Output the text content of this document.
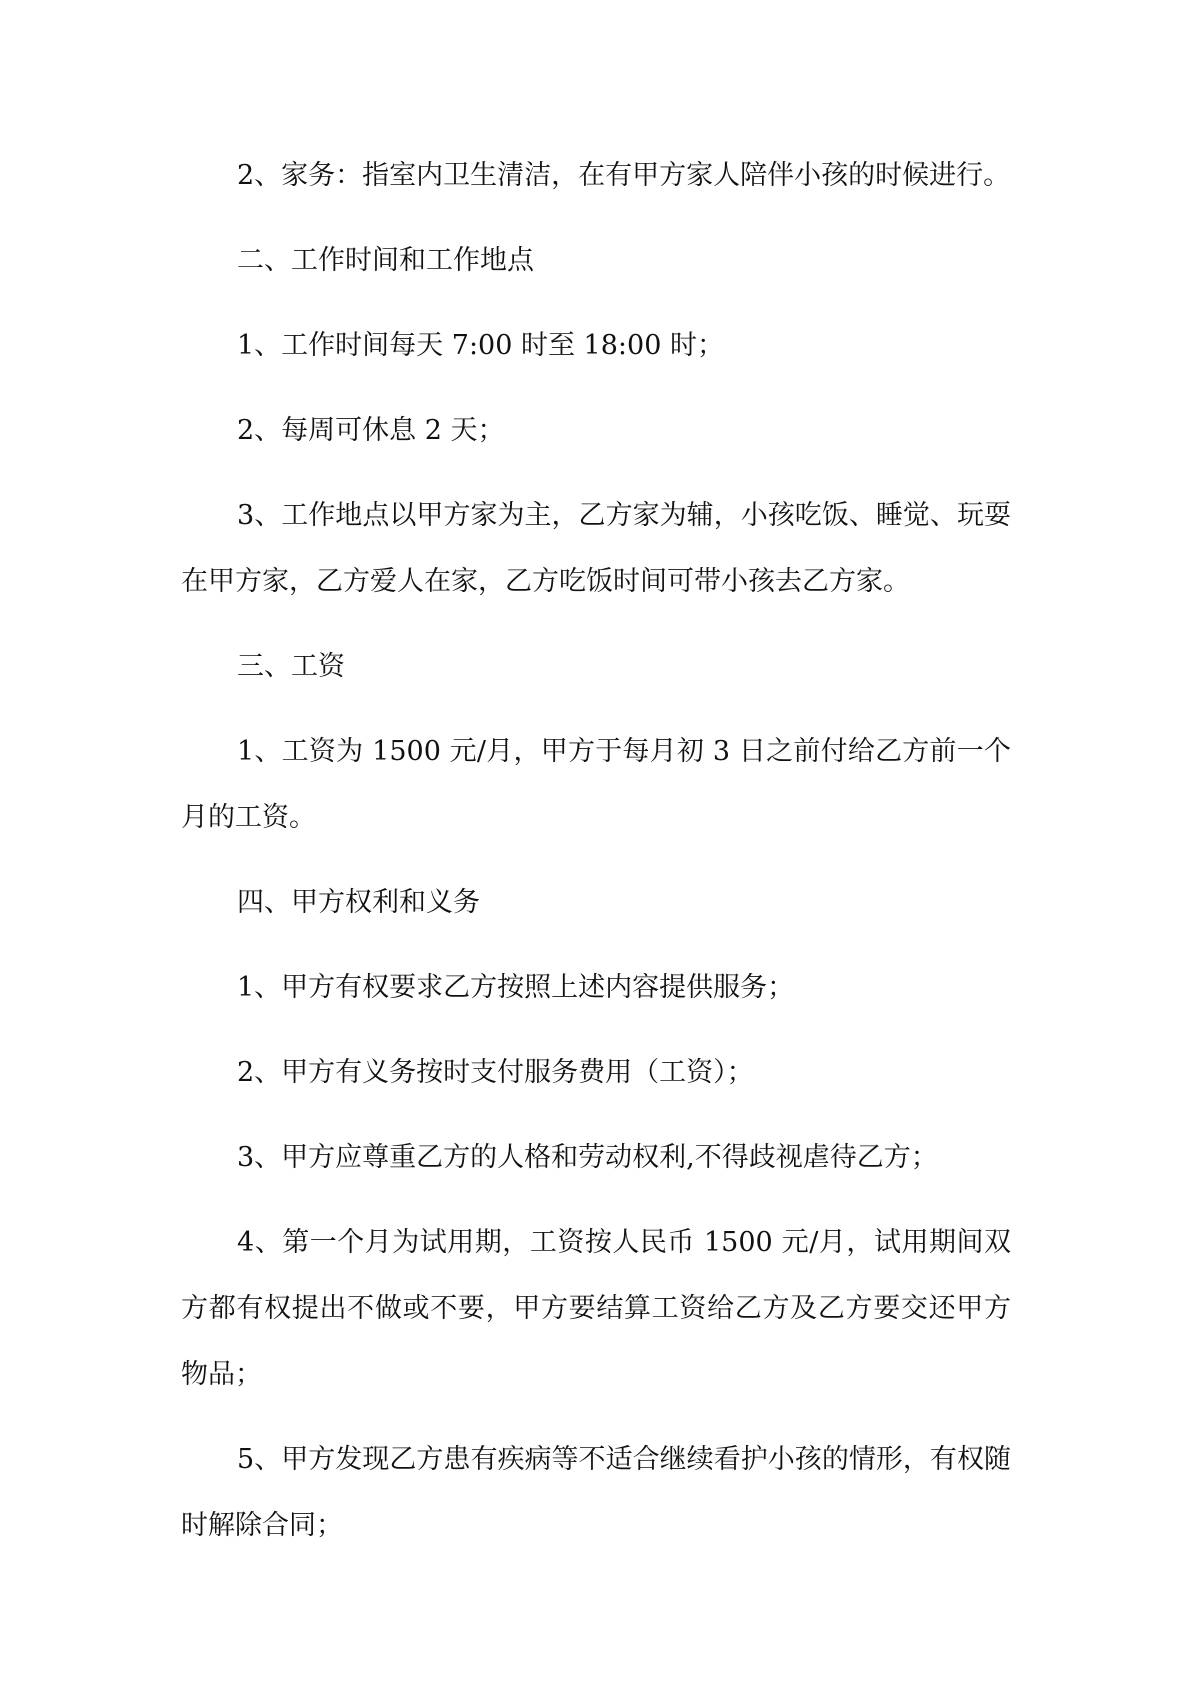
2、家务：指室内卫生清洁，在有甲方家人陪伴小孩的时候进行。

二、工作时间和工作地点

1、工作时间每天 7:00 时至 18:00 时；

2、每周可休息 2 天；

3、工作地点以甲方家为主，乙方家为辅，小孩吃饭、睡觉、玩耍在甲方家，乙方爱人在家，乙方吃饭时间可带小孩去乙方家。

三、工资

1、工资为 1500 元/月，甲方于每月初 3 日之前付给乙方前一个月的工资。

四、甲方权利和义务

1、甲方有权要求乙方按照上述内容提供服务；

2、甲方有义务按时支付服务费用（工资）；

3、甲方应尊重乙方的人格和劳动权利,不得歧视虐待乙方；

4、第一个月为试用期，工资按人民币 1500 元/月，试用期间双方都有权提出不做或不要，甲方要结算工资给乙方及乙方要交还甲方物品；

5、甲方发现乙方患有疾病等不适合继续看护小孩的情形，有权随时解除合同；
